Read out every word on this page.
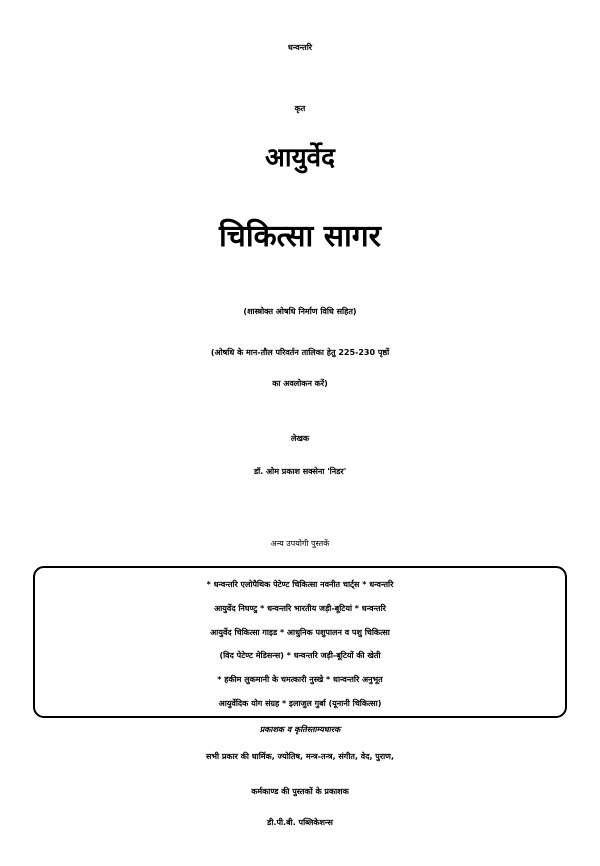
धन्वन्तरि
कृत
आयुर्वेद
चिकित्सा सागर
(शास्त्रोक्त ओषधि निर्माण विधि सहित)
(ओषधि के मान-तौल परिवर्तन तालिका हेतु 225-230 पृष्ठों
का अवलोकन करें)
लेखक
डॉ. ओम प्रकाश सक्सेना 'निडर'
अन्य उपयोगी पुस्तकें
* धन्वन्तरि एलोपैथिक पेटेण्ट चिकित्सा नवनीत चार्ट्स * धन्वन्तरि
आयुर्वेद निघण्टु * धन्वन्तरि भारतीय जड़ी-बूटियां * धन्वन्तरि
आयुर्वेद चिकित्सा गाइड * आधुनिक पशुपालन व पशु चिकित्सा
(विद पेटेण्ट मेडिसन्स) * धन्वन्तरि जड़ी-बूटियों की खेती
* हकीम लुकमानी के चमत्कारी नुस्खे * धान्वन्तरि अनुभूत
आयुर्वेदिक योग संग्रह * इलाजुल गुर्बा (यूनानी चिकित्सा)
प्रकाशक व कृतिस्ताम्यधारक
सभी प्रकार की धार्मिक, ज्योतिष, मन्त्र-तन्त्र, संगीत, वेद, पुराण,
कर्मकाण्ड की पुस्तकों के प्रकाशक
डी.पी.बी. पब्लिकेशन्स
